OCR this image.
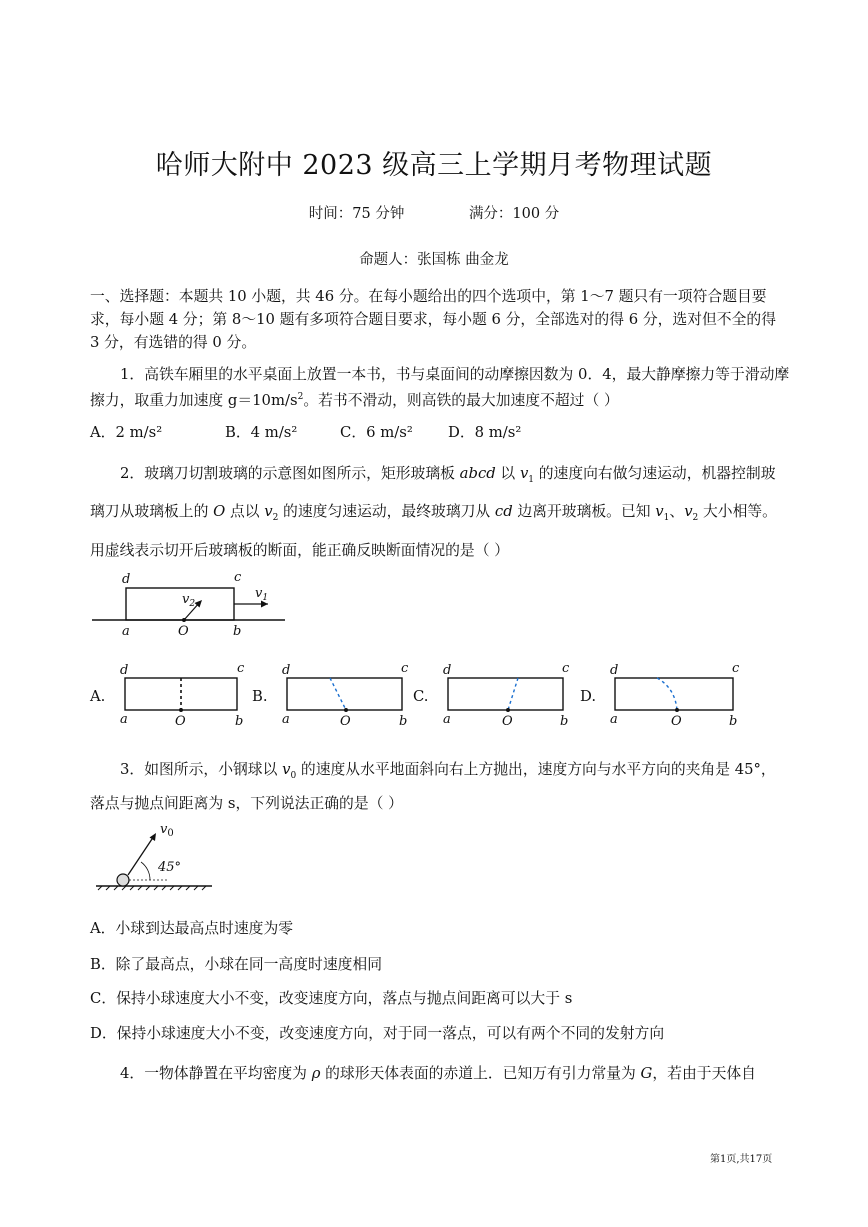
哈师大附中 2023 级高三上学期月考物理试题
时间：75 分钟	满分：100 分
命题人：张国栋 曲金龙
一、选择题：本题共 10 小题，共 46 分。在每小题给出的四个选项中，第 1～7 题只有一项符合题目要求，每小题 4 分；第 8～10 题有多项符合题目要求，每小题 6 分，全部选对的得 6 分，选对但不全的得 3 分，有选错的得 0 分。
1．高铁车厢里的水平桌面上放置一本书，书与桌面间的动摩擦因数为 0．4，最大静摩擦力等于滑动摩擦力，取重力加速度 $g=10m/s^2$。若书不滑动，则高铁的最大加速度不超过（ ）
A．2 m/s²	B．4 m/s²	C．6 m/s² D．8 m/s²
2．玻璃刀切割玻璃的示意图如图所示，矩形玻璃板 abcd 以 $v_1$ 的速度向右做匀速运动，机器控制玻璃刀从玻璃板上的 O 点以 $v_2$ 的速度匀速运动，最终玻璃刀从 cd 边离开玻璃板。已知 $v_1$、$v_2$ 大小相等。用虚线表示切开后玻璃板的断面，能正确反映断面情况的是（ ）
d	c
a	b
O
$v_1$
$v_2$
A.
d	c
a	O	b
B.
d	c
a	O	b
C.
d	c
a	O	b
D.
d	c
a	O	b
3．如图所示，小钢球以 $v_0$ 的速度从水平地面斜向右上方抛出，速度方向与水平方向的夹角是 45°，落点与抛点间距离为 s，下列说法正确的是（ ）
$v_0$
45°
A．小球到达最高点时速度为零
B．除了最高点，小球在同一高度时速度相同
C．保持小球速度大小不变，改变速度方向，落点与抛点间距离可以大于 s
D．保持小球速度大小不变，改变速度方向，对于同一落点，可以有两个不同的发射方向
4．一物体静置在平均密度为 ρ 的球形天体表面的赤道上．已知万有引力常量为 G，若由于天体自
第1页,共17页
